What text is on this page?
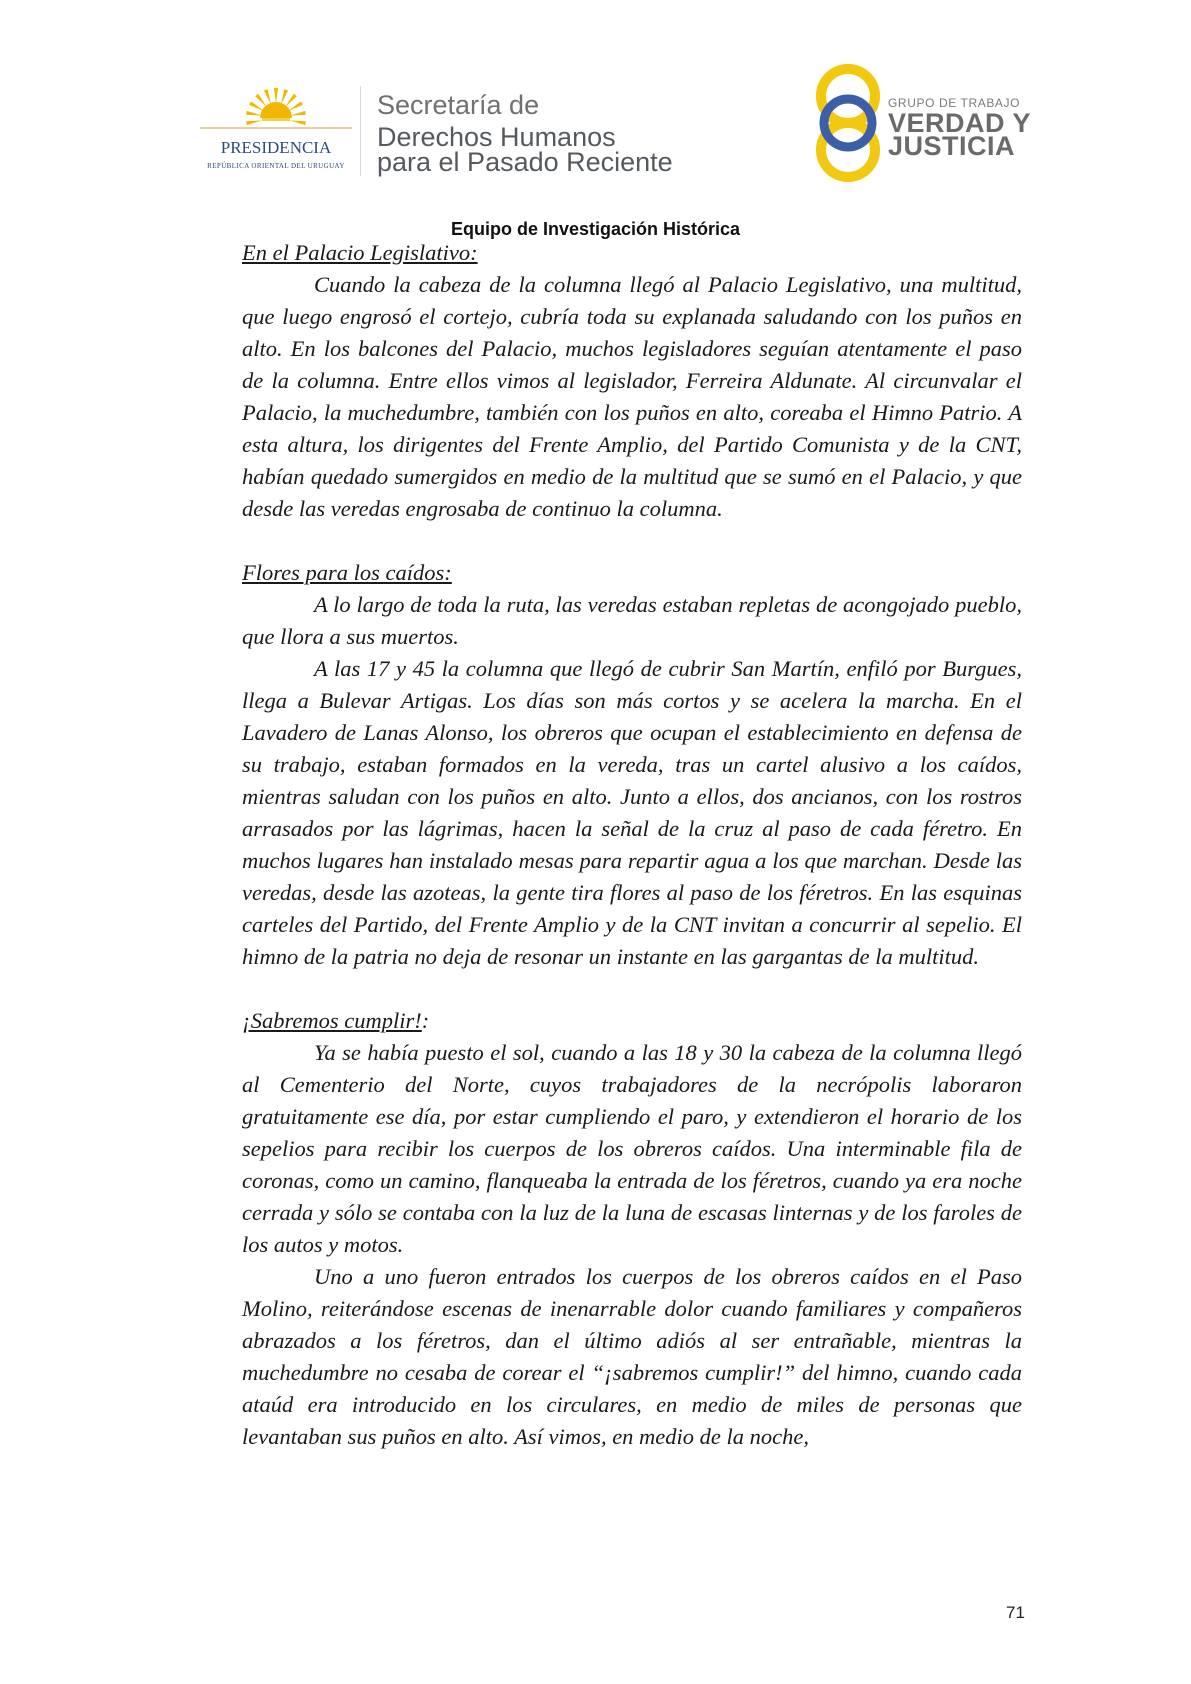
PRESIDENCIA
REPÚBLICA ORIENTAL DEL URUGUAY
Secretaría de
Derechos Humanos
para el Pasado Reciente
GRUPO DE TRABAJO
VERDAD Y
JUSTICIA
Equipo de Investigación Histórica

En el Palacio Legislativo:

Cuando la cabeza de la columna llegó al Palacio Legislativo, una multitud, que luego engrosó el cortejo, cubría toda su explanada saludando con los puños en alto. En los balcones del Palacio, muchos legisladores seguían atentamente el paso de la columna. Entre ellos vimos al legislador, Ferreira Aldunate. Al circunvalar el Palacio, la muchedumbre, también con los puños en alto, coreaba el Himno Patrio. A esta altura, los dirigentes del Frente Amplio, del Partido Comunista y de la CNT, habían quedado sumergidos en medio de la multitud que se sumó en el Palacio, y que desde las veredas engrosaba de continuo la columna.

Flores para los caídos:

A lo largo de toda la ruta, las veredas estaban repletas de acongojado pueblo, que llora a sus muertos.

A las 17 y 45 la columna que llegó de cubrir San Martín, enfiló por Burgues, llega a Bulevar Artigas. Los días son más cortos y se acelera la marcha. En el Lavadero de Lanas Alonso, los obreros que ocupan el establecimiento en defensa de su trabajo, estaban formados en la vereda, tras un cartel alusivo a los caídos, mientras saludan con los puños en alto. Junto a ellos, dos ancianos, con los rostros arrasados por las lágrimas, hacen la señal de la cruz al paso de cada féretro. En muchos lugares han instalado mesas para repartir agua a los que marchan. Desde las veredas, desde las azoteas, la gente tira flores al paso de los féretros. En las esquinas carteles del Partido, del Frente Amplio y de la CNT invitan a concurrir al sepelio. El himno de la patria no deja de resonar un instante en las gargantas de la multitud.

¡Sabremos cumplir!:

Ya se había puesto el sol, cuando a las 18 y 30 la cabeza de la columna llegó al Cementerio del Norte, cuyos trabajadores de la necrópolis laboraron gratuitamente ese día, por estar cumpliendo el paro, y extendieron el horario de los sepelios para recibir los cuerpos de los obreros caídos. Una interminable fila de coronas, como un camino, flanqueaba la entrada de los féretros, cuando ya era noche cerrada y sólo se contaba con la luz de la luna de escasas linternas y de los faroles de los autos y motos.

Uno a uno fueron entrados los cuerpos de los obreros caídos en el Paso Molino, reiterándose escenas de inenarrable dolor cuando familiares y compañeros abrazados a los féretros, dan el último adiós al ser entrañable, mientras la muchedumbre no cesaba de corear el “¡sabremos cumplir!” del himno, cuando cada ataúd era introducido en los circulares, en medio de miles de personas que levantaban sus puños en alto. Así vimos, en medio de la noche,

71
